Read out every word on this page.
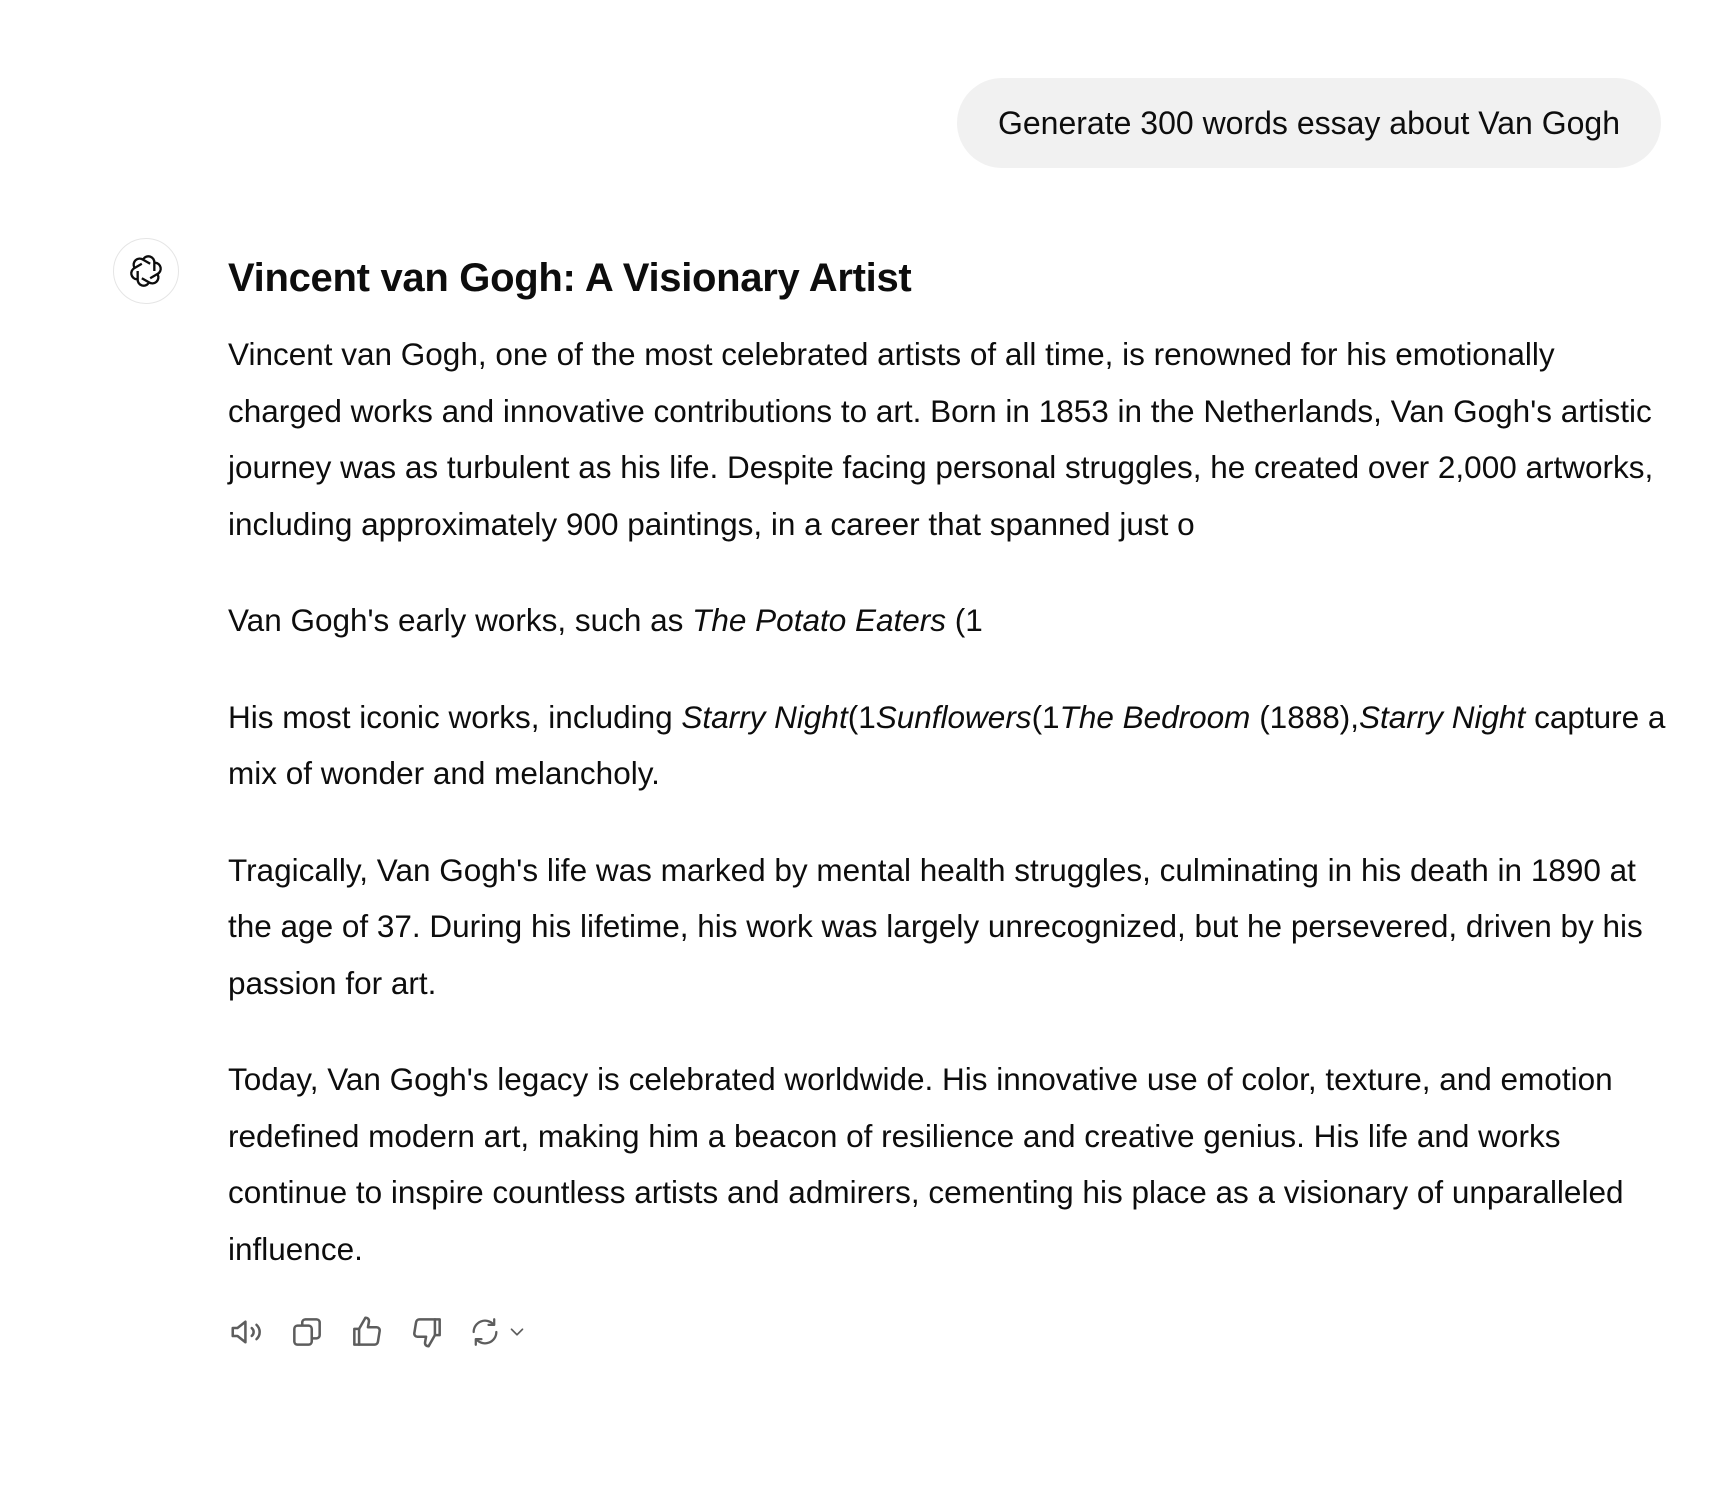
Generate 300 words essay about Van Gogh
Vincent van Gogh: A Visionary Artist

Vincent van Gogh, one of the most celebrated artists of all time, is renowned for his emotionally charged works and innovative contributions to art. Born in 1853 in the Netherlands, Van Gogh's artistic journey was as turbulent as his life. Despite facing personal struggles, he created over 2,000 artworks, including approximately 900 paintings, in a career that spanned just o

Van Gogh's early works, such as The Potato Eaters (1

His most iconic works, including Starry Night(1Sunflowers(1The Bedroom (1888),Starry Night capture a mix of wonder and melancholy.

Tragically, Van Gogh's life was marked by mental health struggles, culminating in his death in 1890 at the age of 37. During his lifetime, his work was largely unrecognized, but he persevered, driven by his passion for art.

Today, Van Gogh's legacy is celebrated worldwide. His innovative use of color, texture, and emotion redefined modern art, making him a beacon of resilience and creative genius. His life and works continue to inspire countless artists and admirers, cementing his place as a visionary of unparalleled influence.
